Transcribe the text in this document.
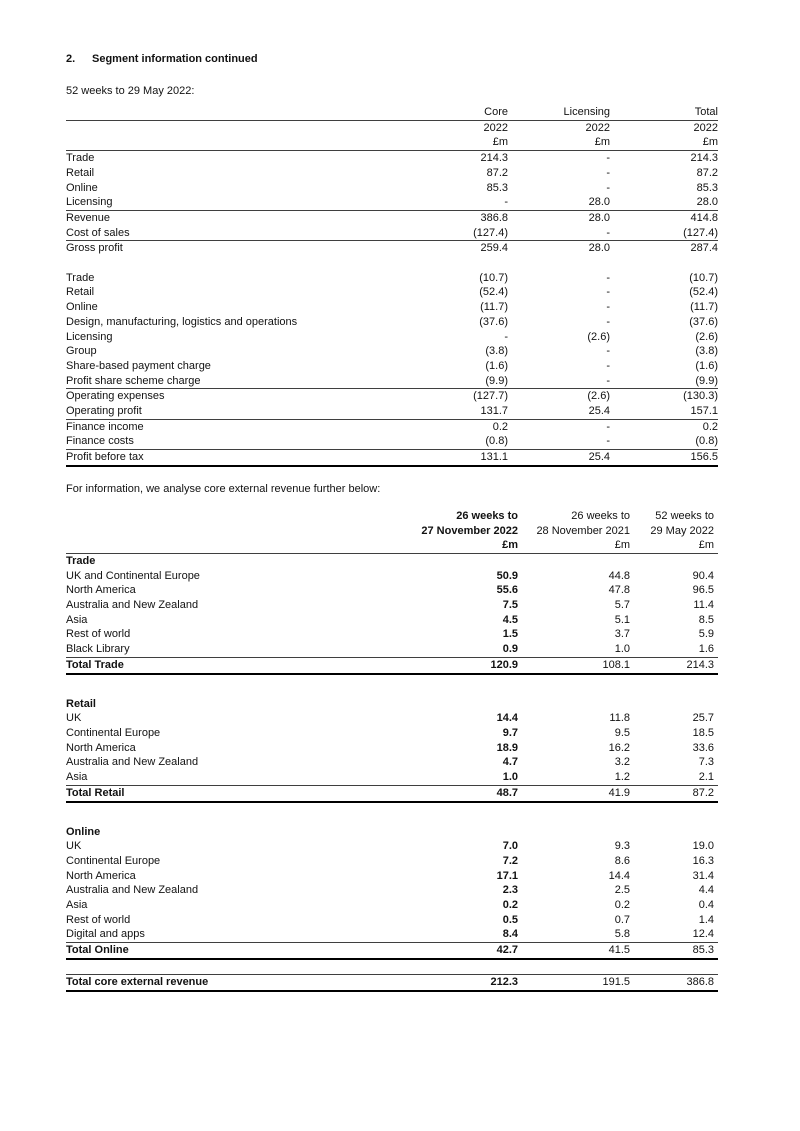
2.	Segment information continued

52 weeks to 29 May 2022:

	Core	Licensing	Total
	2022	2022	2022
	£m	£m	£m
Trade	214.3	-	214.3
Retail	87.2	-	87.2
Online	85.3	-	85.3
Licensing	-	28.0	28.0
Revenue	386.8	28.0	414.8
Cost of sales	(127.4)	-	(127.4)
Gross profit	259.4	28.0	287.4

Trade	(10.7)	-	(10.7)
Retail	(52.4)	-	(52.4)
Online	(11.7)	-	(11.7)
Design, manufacturing, logistics and operations	(37.6)	-	(37.6)
Licensing	-	(2.6)	(2.6)
Group	(3.8)	-	(3.8)
Share-based payment charge	(1.6)	-	(1.6)
Profit share scheme charge	(9.9)	-	(9.9)
Operating expenses	(127.7)	(2.6)	(130.3)
Operating profit	131.7	25.4	157.1
Finance income	0.2	-	0.2
Finance costs	(0.8)	-	(0.8)
Profit before tax	131.1	25.4	156.5

For information, we analyse core external revenue further below:

	26 weeks to	26 weeks to	52 weeks to
	27 November 2022	28 November 2021	29 May 2022
	£m	£m	£m
Trade			
UK and Continental Europe	50.9	44.8	90.4
North America	55.6	47.8	96.5
Australia and New Zealand	7.5	5.7	11.4
Asia	4.5	5.1	8.5
Rest of world	1.5	3.7	5.9
Black Library	0.9	1.0	1.6
Total Trade	120.9	108.1	214.3

Retail			
UK	14.4	11.8	25.7
Continental Europe	9.7	9.5	18.5
North America	18.9	16.2	33.6
Australia and New Zealand	4.7	3.2	7.3
Asia	1.0	1.2	2.1
Total Retail	48.7	41.9	87.2

Online			
UK	7.0	9.3	19.0
Continental Europe	7.2	8.6	16.3
North America	17.1	14.4	31.4
Australia and New Zealand	2.3	2.5	4.4
Asia	0.2	0.2	0.4
Rest of world	0.5	0.7	1.4
Digital and apps	8.4	5.8	12.4
Total Online	42.7	41.5	85.3

Total core external revenue	212.3	191.5	386.8
